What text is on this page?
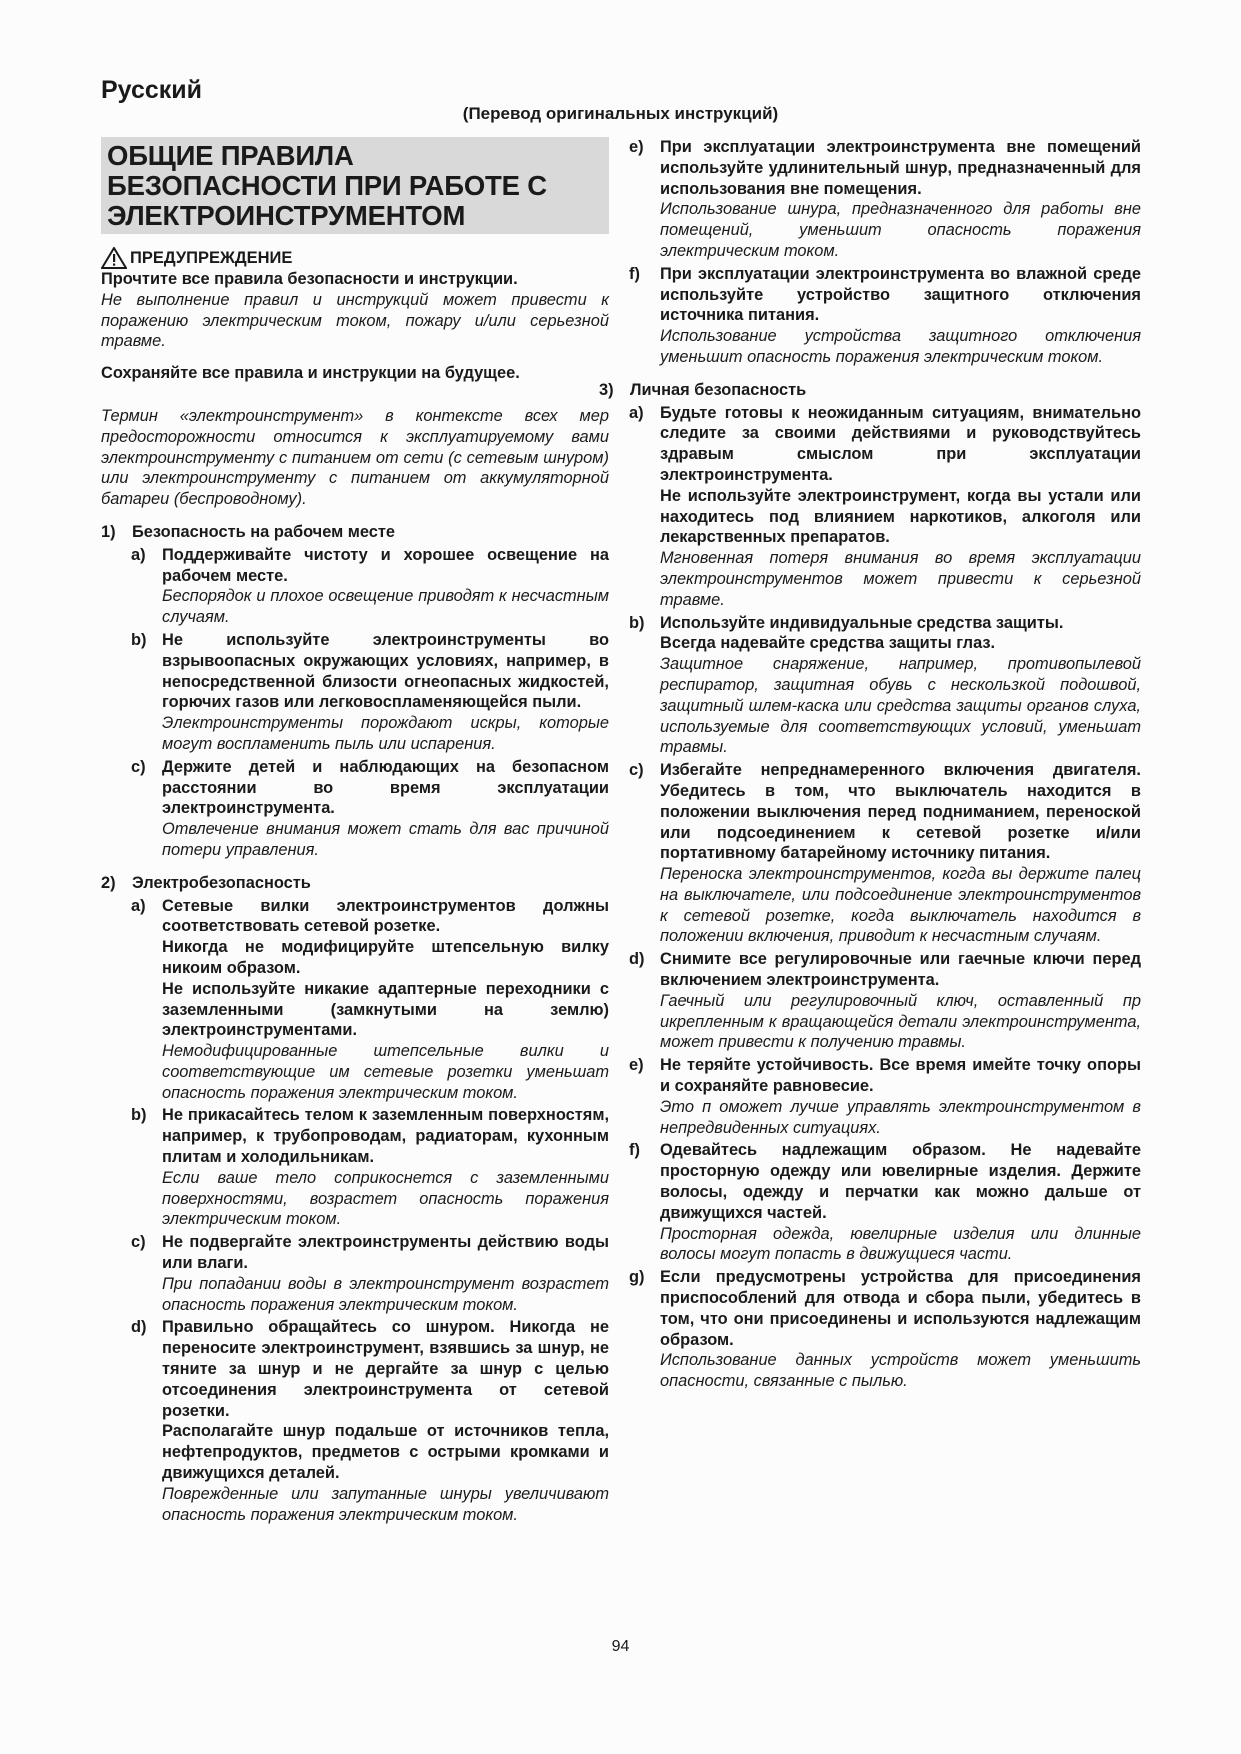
Русский
(Перевод оригинальных инструкций)
ОБЩИЕ ПРАВИЛА
БЕЗОПАСНОСТИ ПРИ РАБОТЕ С
ЭЛЕКТРОИНСТРУМЕНТОМ
ПРЕДУПРЕЖДЕНИЕ

Прочтите все правила безопасности и инструкции.

Не выполнение правил и инструкций может привести к поражению электрическим током, пожару и/или серьезной травме.

Сохраняйте все правила и инструкции на будущее.

Термин «электроинструмент» в контексте всех мер предосторожности относится к эксплуатируемому вами электроинструменту с питанием от сети (с сетевым шнуром) или электроинструменту с питанием от аккумуляторной батареи (беспроводному).

1)	Безопасность на рабочем месте
a)	Поддерживайте чистоту и хорошее освещение на рабочем месте.

Беспорядок и плохое освещение приводят к несчастным случаям.

b) Не используйте электроинструменты во взрывоопасных окружающих условиях, например, в непосредственной близости огнеопасных жидкостей, горючих газов или легковоспламеняющейся пыли.

Электроинструменты порождают искры, которые могут воспламенить пыль или испарения.

c)	Держите детей и наблюдающих на безопасном расстоянии во время эксплуатации электроинструмента.

Отвлечение внимания может стать для вас причиной потери управления.

2)	Электробезопасность
a)	Сетевые вилки электроинструментов должны соответствовать сетевой розетке.

Никогда не модифицируйте штепсельную вилку никоим образом.

Не используйте никакие адаптерные переходники с заземленными (замкнутыми на землю) электроинструментами.

Немодифицированные штепсельные вилки и соответствующие им сетевые розетки уменьшат опасность поражения электрическим током.

b) Не прикасайтесь телом к заземленным поверхностям, например, к трубопроводам, радиаторам, кухонным плитам и холодильникам.

Если ваше тело соприкоснется с заземленными поверхностями, возрастет опасность поражения электрическим током.

c)	Не подвергайте электроинструменты действию воды или влаги.

При попадании воды в электроинструмент возрастет опасность поражения электрическим током.

d) Правильно обращайтесь со шнуром. Никогда не переносите электроинструмент, взявшись за шнур, не тяните за шнур и не дергайте за шнур с целью отсоединения электроинструмента от сетевой розетки.

Располагайте шнур подальше от источников тепла, нефтепродуктов, предметов с острыми кромками и движущихся деталей.

Поврежденные или запутанные шнуры увеличивают опасность поражения электрическим током.

e)	При эксплуатации электроинструмента вне помещений используйте удлинительный шнур, предназначенный для использования вне помещения.

Использование шнура, предназначенного для работы вне помещений, уменьшит опасность поражения электрическим током.

f)	При эксплуатации электроинструмента во влажной среде используйте устройство защитного отключения источника питания.

Использование устройства защитного отключения уменьшит опасность поражения электрическим током.

3)	Личная безопасность
a)	Будьте готовы к неожиданным ситуациям, внимательно следите за своими действиями и руководствуйтесь здравым смыслом при эксплуатации электроинструмента.

Не используйте электроинструмент, когда вы устали или находитесь под влиянием наркотиков, алкоголя или лекарственных препаратов.

Мгновенная потеря внимания во время эксплуатации электроинструментов может привести к серьезной травме.

b) Используйте индивидуальные средства защиты.

Всегда надевайте средства защиты глаз.

Защитное снаряжение, например, противопылевой респиратор, защитная обувь с нескользкой подошвой, защитный шлем-каска или средства защиты органов слуха, используемые для соответствующих условий, уменьшат травмы.

c)	Избегайте непреднамеренного включения двигателя. Убедитесь в том, что выключатель находится в положении выключения перед подниманием, переноской или подсоединением к сетевой розетке и/или портативному батарейному источнику питания.

Переноска электроинструментов, когда вы держите палец на выключателе, или подсоединение электроинструментов к сетевой розетке, когда выключатель находится в положении включения, приводит к несчастным случаям.

d) Снимите все регулировочные или гаечные ключи перед включением электроинструмента.

Гаечный или регулировочный ключ, оставленный пр икрепленным к вращающейся детали электроинструмента, может привести к получению травмы.

e)	Не теряйте устойчивость. Все время имейте точку опоры и сохраняйте равновесие.

Это п оможет лучше управлять электроинструментом в непредвиденных ситуациях.

f)	Одевайтесь надлежащим образом. Не надевайте просторную одежду или ювелирные изделия. Держите волосы, одежду и перчатки как можно дальше от движущихся частей.

Просторная одежда, ювелирные изделия или длинные волосы могут попасть в движущиеся части.

g) Если предусмотрены устройства для присоединения приспособлений для отвода и сбора пыли, убедитесь в том, что они присоединены и используются надлежащим образом.

Использование данных устройств может уменьшить опасности, связанные с пылью.

94
